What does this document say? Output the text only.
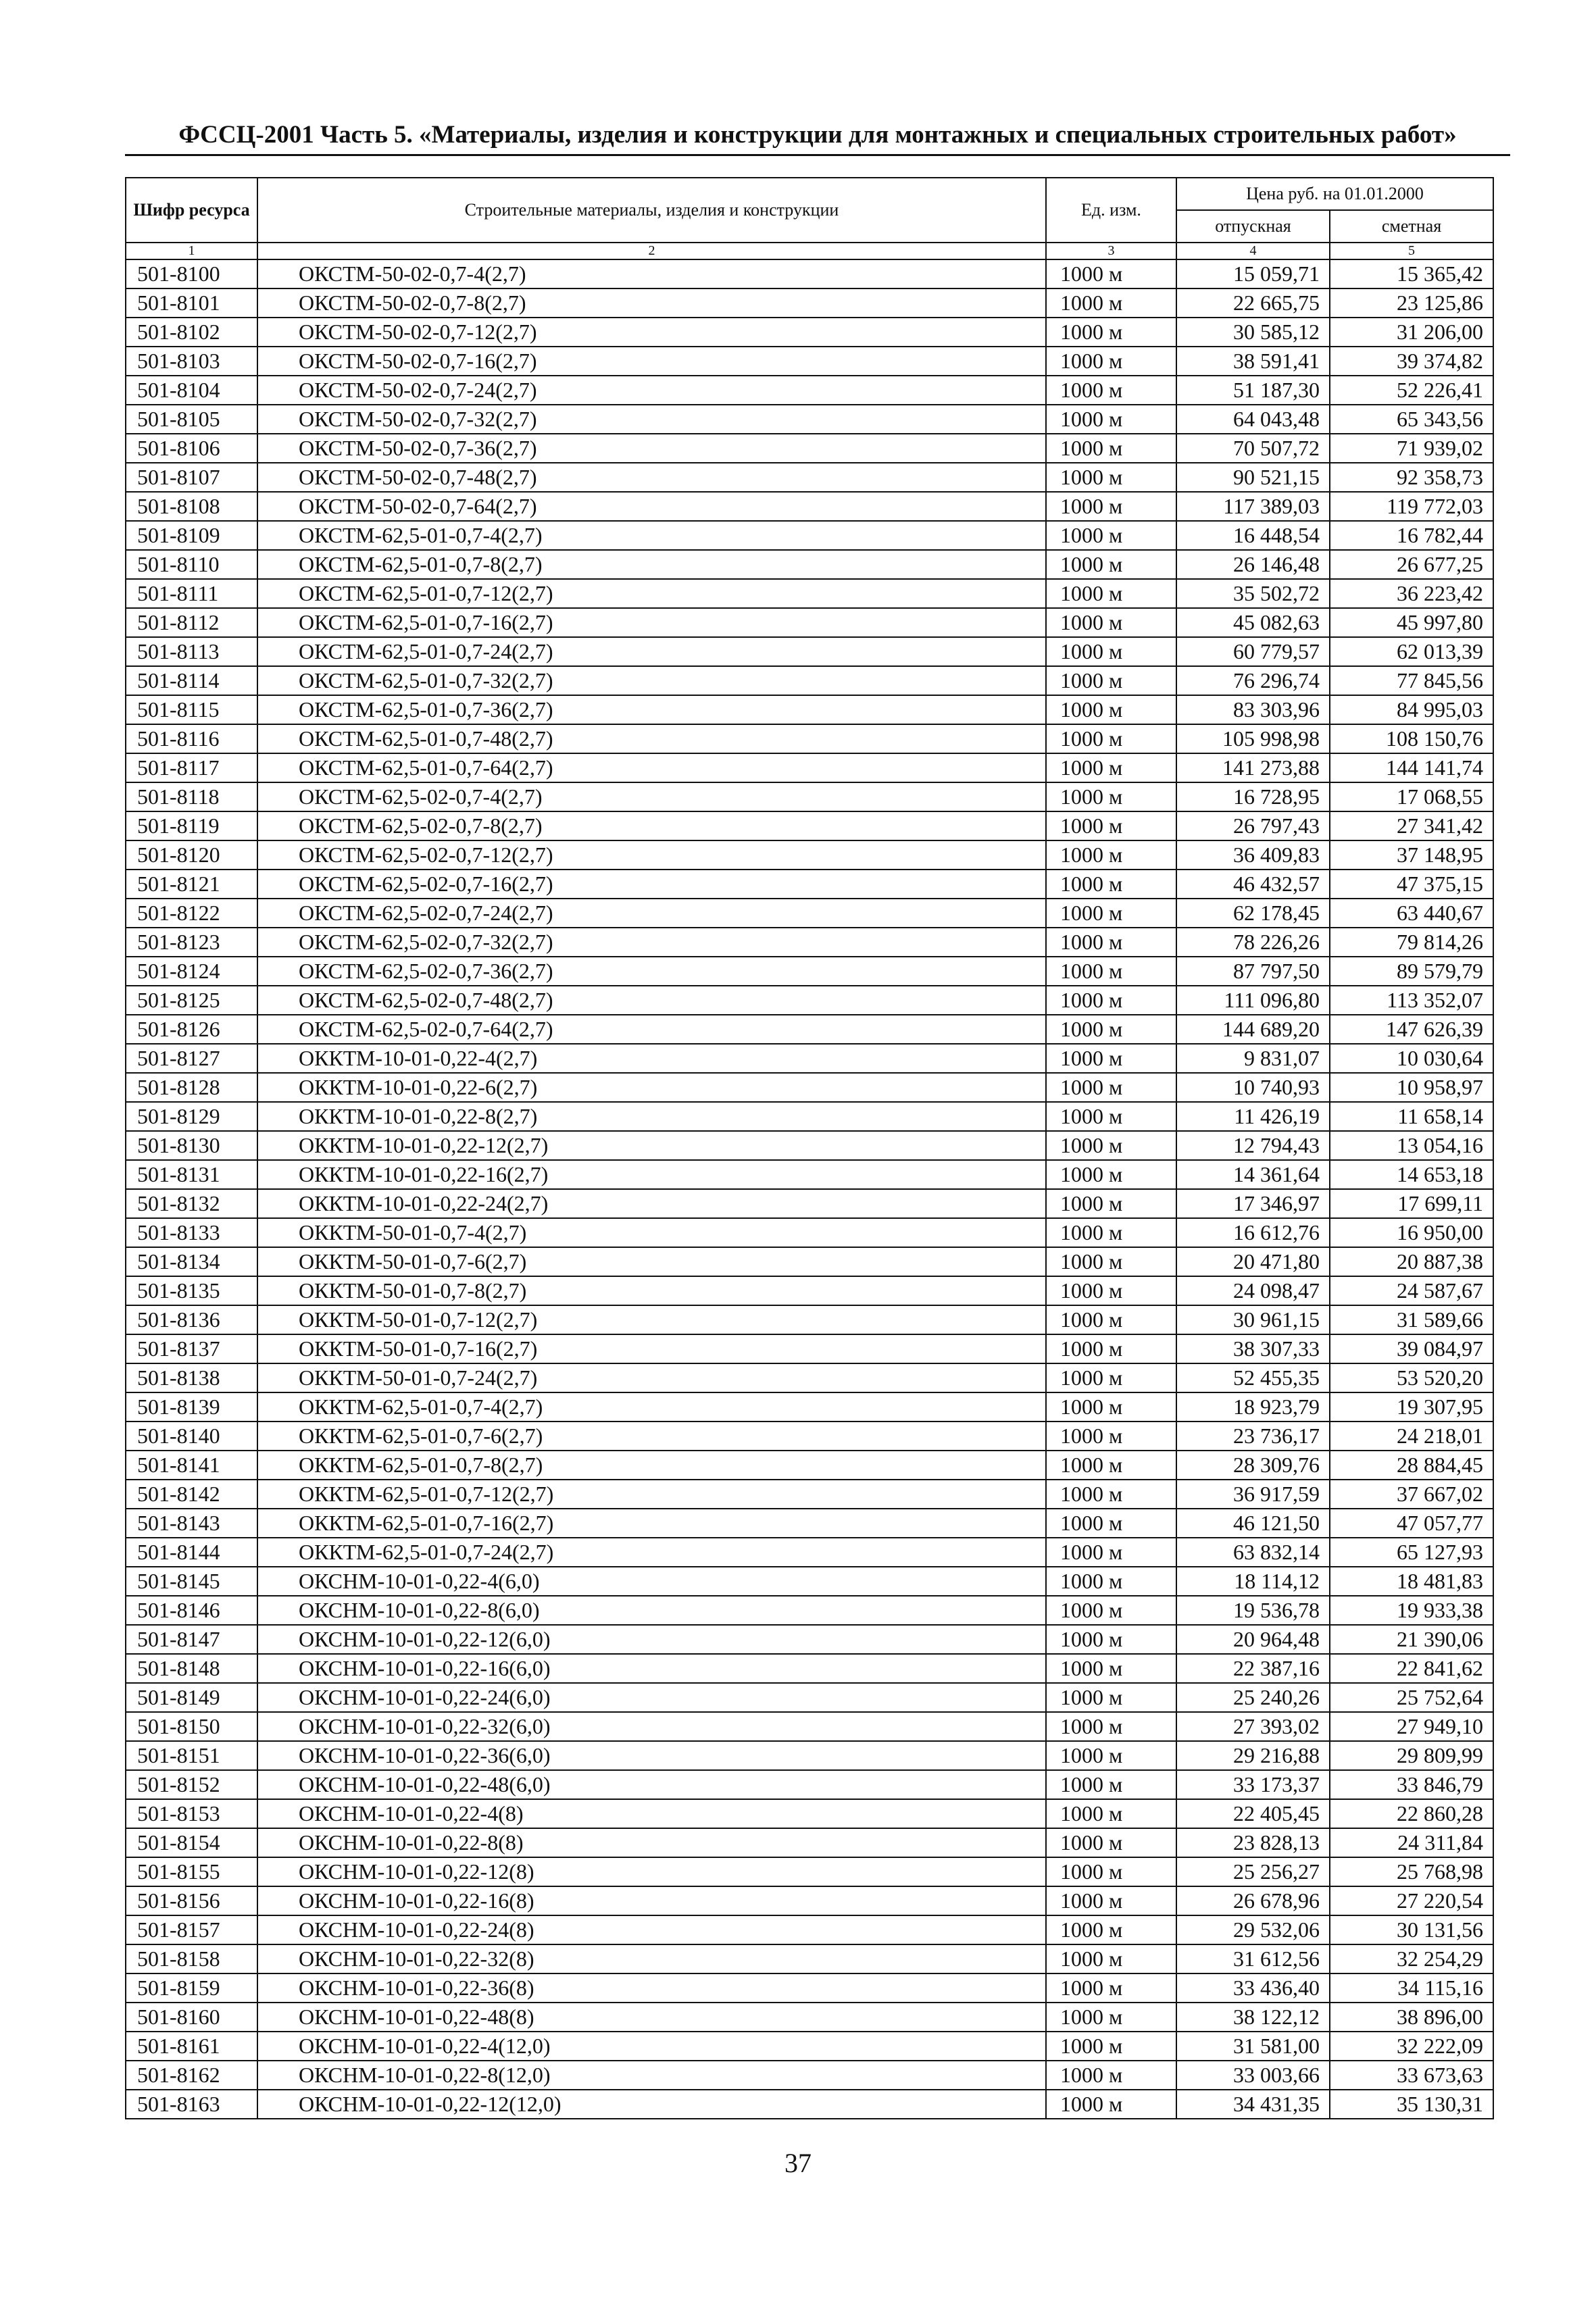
ФССЦ-2001 Часть 5. «Материалы, изделия и конструкции для монтажных и специальных строительных работ»
Шифр ресурса	Строительные материалы, изделия и конструкции	Ед. изм.	Цена руб. на 01.01.2000	
			отпускная	сметная
1	2	3	4	5
501-8100	ОКСТМ-50-02-0,7-4(2,7)	1000 м	15 059,71	15 365,42
501-8101	ОКСТМ-50-02-0,7-8(2,7)	1000 м	22 665,75	23 125,86
501-8102	ОКСТМ-50-02-0,7-12(2,7)	1000 м	30 585,12	31 206,00
501-8103	ОКСТМ-50-02-0,7-16(2,7)	1000 м	38 591,41	39 374,82
501-8104	ОКСТМ-50-02-0,7-24(2,7)	1000 м	51 187,30	52 226,41
501-8105	ОКСТМ-50-02-0,7-32(2,7)	1000 м	64 043,48	65 343,56
501-8106	ОКСТМ-50-02-0,7-36(2,7)	1000 м	70 507,72	71 939,02
501-8107	ОКСТМ-50-02-0,7-48(2,7)	1000 м	90 521,15	92 358,73
501-8108	ОКСТМ-50-02-0,7-64(2,7)	1000 м	117 389,03	119 772,03
501-8109	ОКСТМ-62,5-01-0,7-4(2,7)	1000 м	16 448,54	16 782,44
501-8110	ОКСТМ-62,5-01-0,7-8(2,7)	1000 м	26 146,48	26 677,25
501-8111	ОКСТМ-62,5-01-0,7-12(2,7)	1000 м	35 502,72	36 223,42
501-8112	ОКСТМ-62,5-01-0,7-16(2,7)	1000 м	45 082,63	45 997,80
501-8113	ОКСТМ-62,5-01-0,7-24(2,7)	1000 м	60 779,57	62 013,39
501-8114	ОКСТМ-62,5-01-0,7-32(2,7)	1000 м	76 296,74	77 845,56
501-8115	ОКСТМ-62,5-01-0,7-36(2,7)	1000 м	83 303,96	84 995,03
501-8116	ОКСТМ-62,5-01-0,7-48(2,7)	1000 м	105 998,98	108 150,76
501-8117	ОКСТМ-62,5-01-0,7-64(2,7)	1000 м	141 273,88	144 141,74
501-8118	ОКСТМ-62,5-02-0,7-4(2,7)	1000 м	16 728,95	17 068,55
501-8119	ОКСТМ-62,5-02-0,7-8(2,7)	1000 м	26 797,43	27 341,42
501-8120	ОКСТМ-62,5-02-0,7-12(2,7)	1000 м	36 409,83	37 148,95
501-8121	ОКСТМ-62,5-02-0,7-16(2,7)	1000 м	46 432,57	47 375,15
501-8122	ОКСТМ-62,5-02-0,7-24(2,7)	1000 м	62 178,45	63 440,67
501-8123	ОКСТМ-62,5-02-0,7-32(2,7)	1000 м	78 226,26	79 814,26
501-8124	ОКСТМ-62,5-02-0,7-36(2,7)	1000 м	87 797,50	89 579,79
501-8125	ОКСТМ-62,5-02-0,7-48(2,7)	1000 м	111 096,80	113 352,07
501-8126	ОКСТМ-62,5-02-0,7-64(2,7)	1000 м	144 689,20	147 626,39
501-8127	ОККТМ-10-01-0,22-4(2,7)	1000 м	9 831,07	10 030,64
501-8128	ОККТМ-10-01-0,22-6(2,7)	1000 м	10 740,93	10 958,97
501-8129	ОККТМ-10-01-0,22-8(2,7)	1000 м	11 426,19	11 658,14
501-8130	ОККТМ-10-01-0,22-12(2,7)	1000 м	12 794,43	13 054,16
501-8131	ОККТМ-10-01-0,22-16(2,7)	1000 м	14 361,64	14 653,18
501-8132	ОККТМ-10-01-0,22-24(2,7)	1000 м	17 346,97	17 699,11
501-8133	ОККТМ-50-01-0,7-4(2,7)	1000 м	16 612,76	16 950,00
501-8134	ОККТМ-50-01-0,7-6(2,7)	1000 м	20 471,80	20 887,38
501-8135	ОККТМ-50-01-0,7-8(2,7)	1000 м	24 098,47	24 587,67
501-8136	ОККТМ-50-01-0,7-12(2,7)	1000 м	30 961,15	31 589,66
501-8137	ОККТМ-50-01-0,7-16(2,7)	1000 м	38 307,33	39 084,97
501-8138	ОККТМ-50-01-0,7-24(2,7)	1000 м	52 455,35	53 520,20
501-8139	ОККТМ-62,5-01-0,7-4(2,7)	1000 м	18 923,79	19 307,95
501-8140	ОККТМ-62,5-01-0,7-6(2,7)	1000 м	23 736,17	24 218,01
501-8141	ОККТМ-62,5-01-0,7-8(2,7)	1000 м	28 309,76	28 884,45
501-8142	ОККТМ-62,5-01-0,7-12(2,7)	1000 м	36 917,59	37 667,02
501-8143	ОККТМ-62,5-01-0,7-16(2,7)	1000 м	46 121,50	47 057,77
501-8144	ОККТМ-62,5-01-0,7-24(2,7)	1000 м	63 832,14	65 127,93
501-8145	ОКСНМ-10-01-0,22-4(6,0)	1000 м	18 114,12	18 481,83
501-8146	ОКСНМ-10-01-0,22-8(6,0)	1000 м	19 536,78	19 933,38
501-8147	ОКСНМ-10-01-0,22-12(6,0)	1000 м	20 964,48	21 390,06
501-8148	ОКСНМ-10-01-0,22-16(6,0)	1000 м	22 387,16	22 841,62
501-8149	ОКСНМ-10-01-0,22-24(6,0)	1000 м	25 240,26	25 752,64
501-8150	ОКСНМ-10-01-0,22-32(6,0)	1000 м	27 393,02	27 949,10
501-8151	ОКСНМ-10-01-0,22-36(6,0)	1000 м	29 216,88	29 809,99
501-8152	ОКСНМ-10-01-0,22-48(6,0)	1000 м	33 173,37	33 846,79
501-8153	ОКСНМ-10-01-0,22-4(8)	1000 м	22 405,45	22 860,28
501-8154	ОКСНМ-10-01-0,22-8(8)	1000 м	23 828,13	24 311,84
501-8155	ОКСНМ-10-01-0,22-12(8)	1000 м	25 256,27	25 768,98
501-8156	ОКСНМ-10-01-0,22-16(8)	1000 м	26 678,96	27 220,54
501-8157	ОКСНМ-10-01-0,22-24(8)	1000 м	29 532,06	30 131,56
501-8158	ОКСНМ-10-01-0,22-32(8)	1000 м	31 612,56	32 254,29
501-8159	ОКСНМ-10-01-0,22-36(8)	1000 м	33 436,40	34 115,16
501-8160	ОКСНМ-10-01-0,22-48(8)	1000 м	38 122,12	38 896,00
501-8161	ОКСНМ-10-01-0,22-4(12,0)	1000 м	31 581,00	32 222,09
501-8162	ОКСНМ-10-01-0,22-8(12,0)	1000 м	33 003,66	33 673,63
501-8163	ОКСНМ-10-01-0,22-12(12,0)	1000 м	34 431,35	35 130,31
37
